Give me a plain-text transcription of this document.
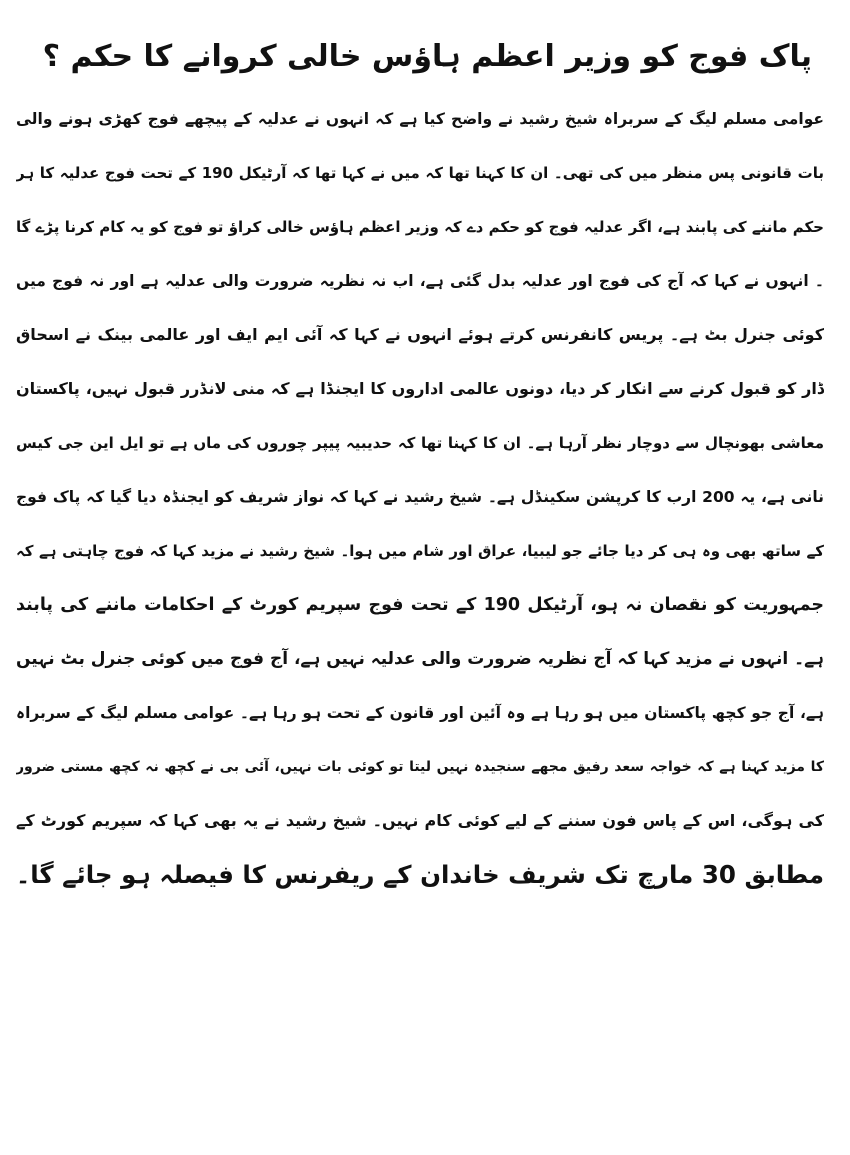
پاک فوج کو وزیر اعظم ہاؤس خالی کروانے کا حکم ؟
عوامی مسلم لیگ کے سربراہ شیخ رشید نے واضح کیا ہے کہ انہوں نے عدلیہ کے پیچھے فوج کھڑی ہونے والی
بات قانونی پس منظر میں کی تھی۔ ان کا کہنا تھا کہ میں نے کہا تھا کہ آرٹیکل 190 کے تحت فوج عدلیہ کا ہر
حکم ماننے کی پابند ہے، اگر عدلیہ فوج کو حکم دے کہ وزیر اعظم ہاؤس خالی کراؤ تو فوج کو یہ کام کرنا پڑے گا
۔ انہوں نے کہا کہ آج کی فوج اور عدلیہ بدل گئی ہے، اب نہ نظریہ ضرورت والی عدلیہ ہے اور نہ فوج میں
کوئی جنرل بٹ ہے۔ پریس کانفرنس کرتے ہوئے انہوں نے کہا کہ آئی ایم ایف اور عالمی بینک نے اسحاق
ڈار کو قبول کرنے سے انکار کر دیا، دونوں عالمی اداروں کا ایجنڈا ہے کہ منی لانڈرر قبول نہیں، پاکستان
معاشی بھونچال سے دوچار نظر آرہا ہے۔ ان کا کہنا تھا کہ حدیبیہ پیپر چوروں کی ماں ہے تو ایل این جی کیس
نانی ہے، یہ 200 ارب کا کرپشن سکینڈل ہے۔ شیخ رشید نے کہا کہ نواز شریف کو ایجنڈہ دیا گیا کہ پاک فوج
کے ساتھ بھی وہ ہی کر دیا جائے جو لیبیا، عراق اور شام میں ہوا۔ شیخ رشید نے مزید کہا کہ فوج چاہتی ہے کہ
جمہوریت کو نقصان نہ ہو، آرٹیکل 190 کے تحت فوج سپریم کورٹ کے احکامات ماننے کی پابند
ہے۔ انہوں نے مزید کہا کہ آج نظریہ ضرورت والی عدلیہ نہیں ہے، آج فوج میں کوئی جنرل بٹ نہیں
ہے، آج جو کچھ پاکستان میں ہو رہا ہے وہ آئین اور قانون کے تحت ہو رہا ہے۔ عوامی مسلم لیگ کے سربراہ
کا مزید کہنا ہے کہ خواجہ سعد رفیق مجھے سنجیدہ نہیں لیتا تو کوئی بات نہیں، آئی بی نے کچھ نہ کچھ مستی ضرور
کی ہوگی، اس کے پاس فون سننے کے لیے کوئی کام نہیں۔ شیخ رشید نے یہ بھی کہا کہ سپریم کورٹ کے
مطابق 30 مارچ تک شریف خاندان کے ریفرنس کا فیصلہ ہو جائے گا۔
